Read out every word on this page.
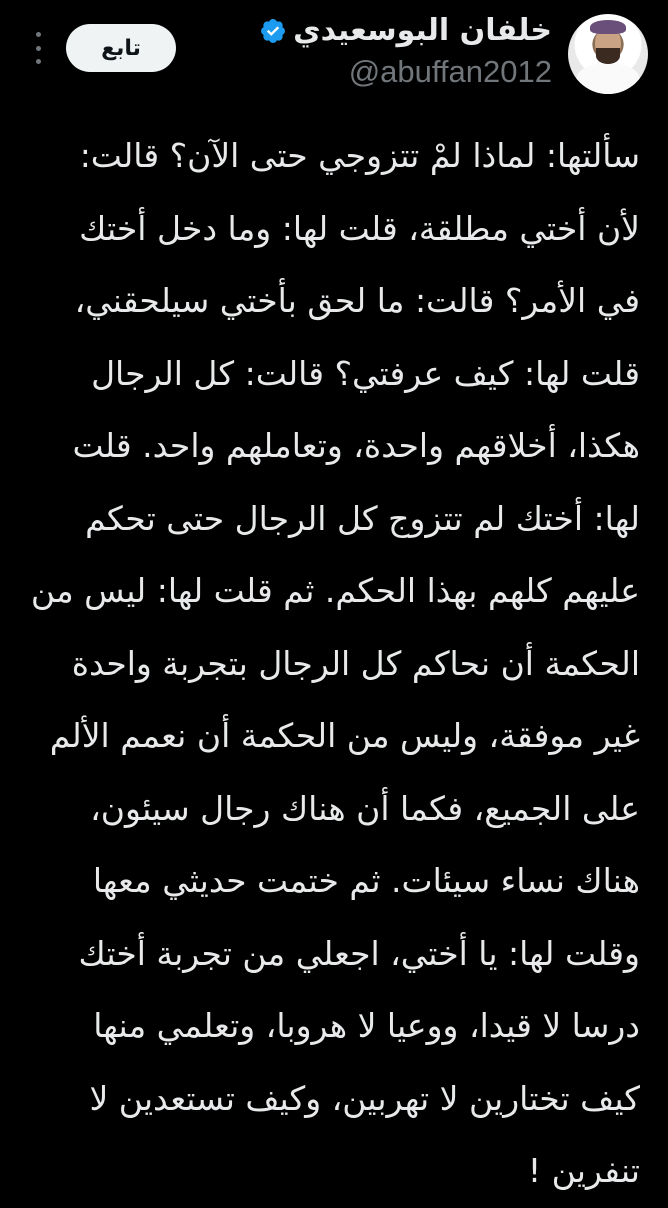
خلفان البوسعيدي
@abuffan2012
تابع
سألتها: لماذا لمْ تتزوجي حتى الآن؟ قالت:
لأن أختي مطلقة، قلت لها: وما دخل أختك
في الأمر؟ قالت: ما لحق بأختي سيلحقني،
قلت لها: كيف عرفتي؟ قالت: كل الرجال
هكذا، أخلاقهم واحدة، وتعاملهم واحد. قلت
لها: أختك لم تتزوج كل الرجال حتى تحكم
عليهم كلهم بهذا الحكم. ثم قلت لها: ليس من
الحكمة أن نحاكم كل الرجال بتجربة واحدة
غير موفقة، وليس من الحكمة أن نعمم الألم
على الجميع، فكما أن هناك رجال سيئون،
هناك نساء سيئات. ثم ختمت حديثي معها
وقلت لها: يا أختي، اجعلي من تجربة أختك
درسا لا قيدا، ووعيا لا هروبا، وتعلمي منها
كيف تختارين لا تهربين، وكيف تستعدين لا
تنفرين !
